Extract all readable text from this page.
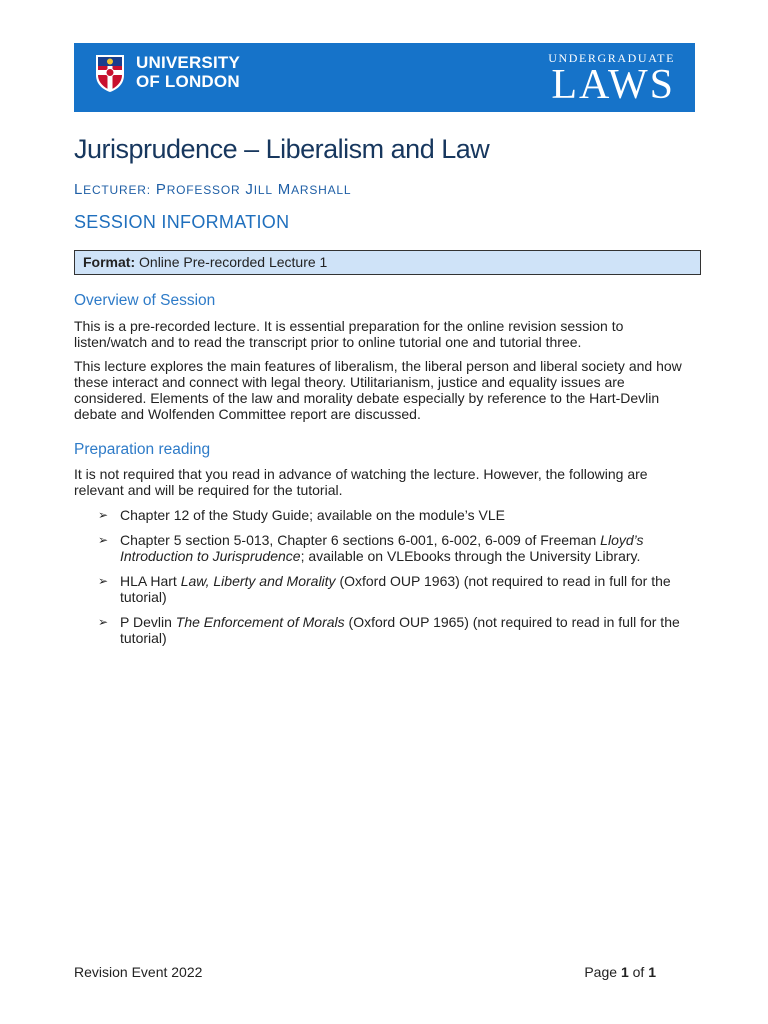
UNIVERSITY
OF LONDON
UNDERGRADUATE
LAWS
Jurisprudence – Liberalism and Law
LECTURER: PROFESSOR JILL MARSHALL
SESSION INFORMATION
Format: Online Pre-recorded Lecture 1
Overview of Session
This is a pre-recorded lecture. It is essential preparation for the online revision session to listen/watch and to read the transcript prior to online tutorial one and tutorial three.
This lecture explores the main features of liberalism, the liberal person and liberal society and how these interact and connect with legal theory. Utilitarianism, justice and equality issues are considered. Elements of the law and morality debate especially by reference to the Hart-Devlin debate and Wolfenden Committee report are discussed.
Preparation reading
It is not required that you read in advance of watching the lecture. However, the following are relevant and will be required for the tutorial.
➢ Chapter 12 of the Study Guide; available on the module’s VLE
➢ Chapter 5 section 5-013, Chapter 6 sections 6-001, 6-002, 6-009 of Freeman Lloyd’s Introduction to Jurisprudence; available on VLEbooks through the University Library.
➢ HLA Hart Law, Liberty and Morality (Oxford OUP 1963) (not required to read in full for the tutorial)
➢ P Devlin The Enforcement of Morals (Oxford OUP 1965) (not required to read in full for the tutorial)
Revision Event 2022	Page 1 of 1
